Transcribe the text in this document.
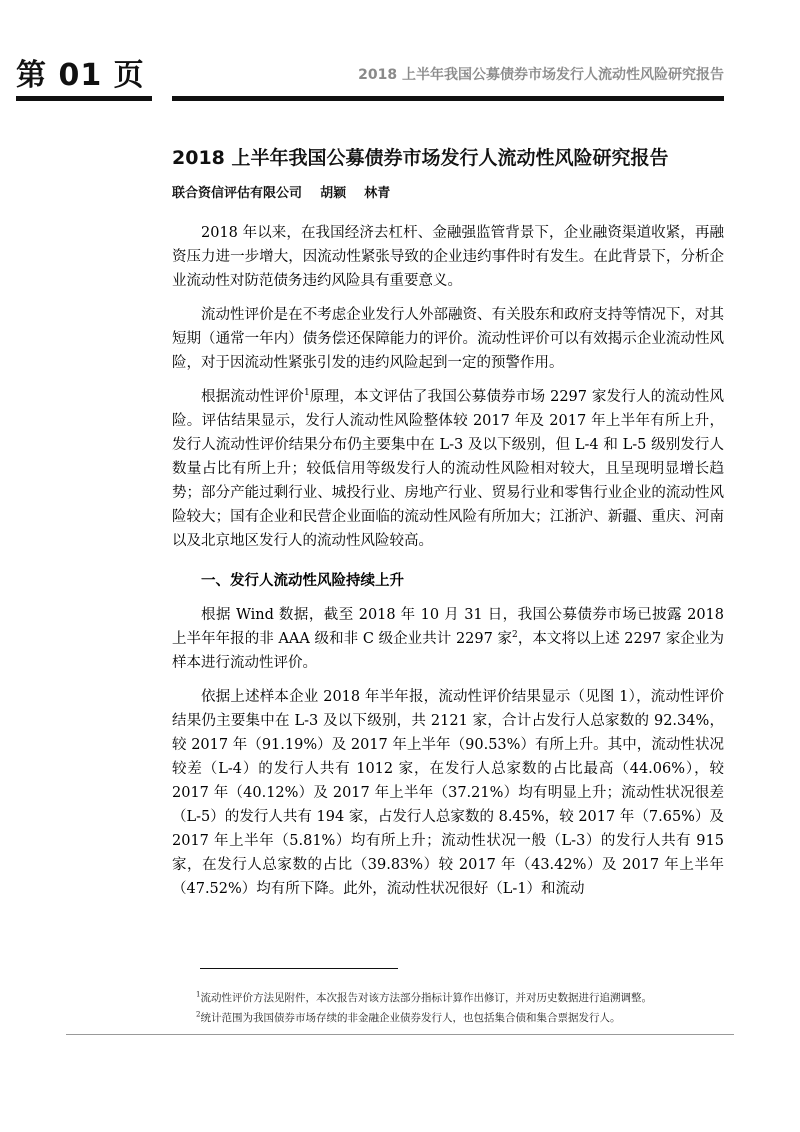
第 01 页	2018 上半年我国公募债券市场发行人流动性风险研究报告
2018 上半年我国公募债券市场发行人流动性风险研究报告
联合资信评估有限公司    胡颖    林青

2018 年以来，在我国经济去杠杆、金融强监管背景下，企业融资渠道收紧，再融资压力进一步增大，因流动性紧张导致的企业违约事件时有发生。在此背景下，分析企业流动性对防范债务违约风险具有重要意义。

流动性评价是在不考虑企业发行人外部融资、有关股东和政府支持等情况下，对其短期（通常一年内）债务偿还保障能力的评价。流动性评价可以有效揭示企业流动性风险，对于因流动性紧张引发的违约风险起到一定的预警作用。

根据流动性评价$^1$原理，本文评估了我国公募债券市场 2297 家发行人的流动性风险。评估结果显示，发行人流动性风险整体较 2017 年及 2017 年上半年有所上升，发行人流动性评价结果分布仍主要集中在 L-3 及以下级别，但 L-4 和 L-5 级别发行人数量占比有所上升；较低信用等级发行人的流动性风险相对较大，且呈现明显增长趋势；部分产能过剩行业、城投行业、房地产行业、贸易行业和零售行业企业的流动性风险较大；国有企业和民营企业面临的流动性风险有所加大；江浙沪、新疆、重庆、河南以及北京地区发行人的流动性风险较高。

一、发行人流动性风险持续上升

根据 Wind 数据，截至 2018 年 10 月 31 日，我国公募债券市场已披露 2018 上半年年报的非 AAA 级和非 C 级企业共计 2297 家$^2$，本文将以上述 2297 家企业为样本进行流动性评价。

依据上述样本企业 2018 年半年报，流动性评价结果显示（见图 1），流动性评价结果仍主要集中在 L-3 及以下级别，共 2121 家，合计占发行人总家数的 92.34%，较 2017 年（91.19%）及 2017 年上半年（90.53%）有所上升。其中，流动性状况较差（L-4）的发行人共有 1012 家，在发行人总家数的占比最高（44.06%），较 2017 年（40.12%）及 2017 年上半年（37.21%）均有明显上升；流动性状况很差（L-5）的发行人共有 194 家，占发行人总家数的 8.45%，较 2017 年（7.65%）及 2017 年上半年（5.81%）均有所上升；流动性状况一般（L-3）的发行人共有 915 家，在发行人总家数的占比（39.83%）较 2017 年（43.42%）及 2017 年上半年（47.52%）均有所下降。此外，流动性状况很好（L-1）和流动

$^1$流动性评价方法见附件，本次报告对该方法部分指标计算作出修订，并对历史数据进行追溯调整。
$^2$统计范围为我国债券市场存续的非金融企业债券发行人，也包括集合债和集合票据发行人。
